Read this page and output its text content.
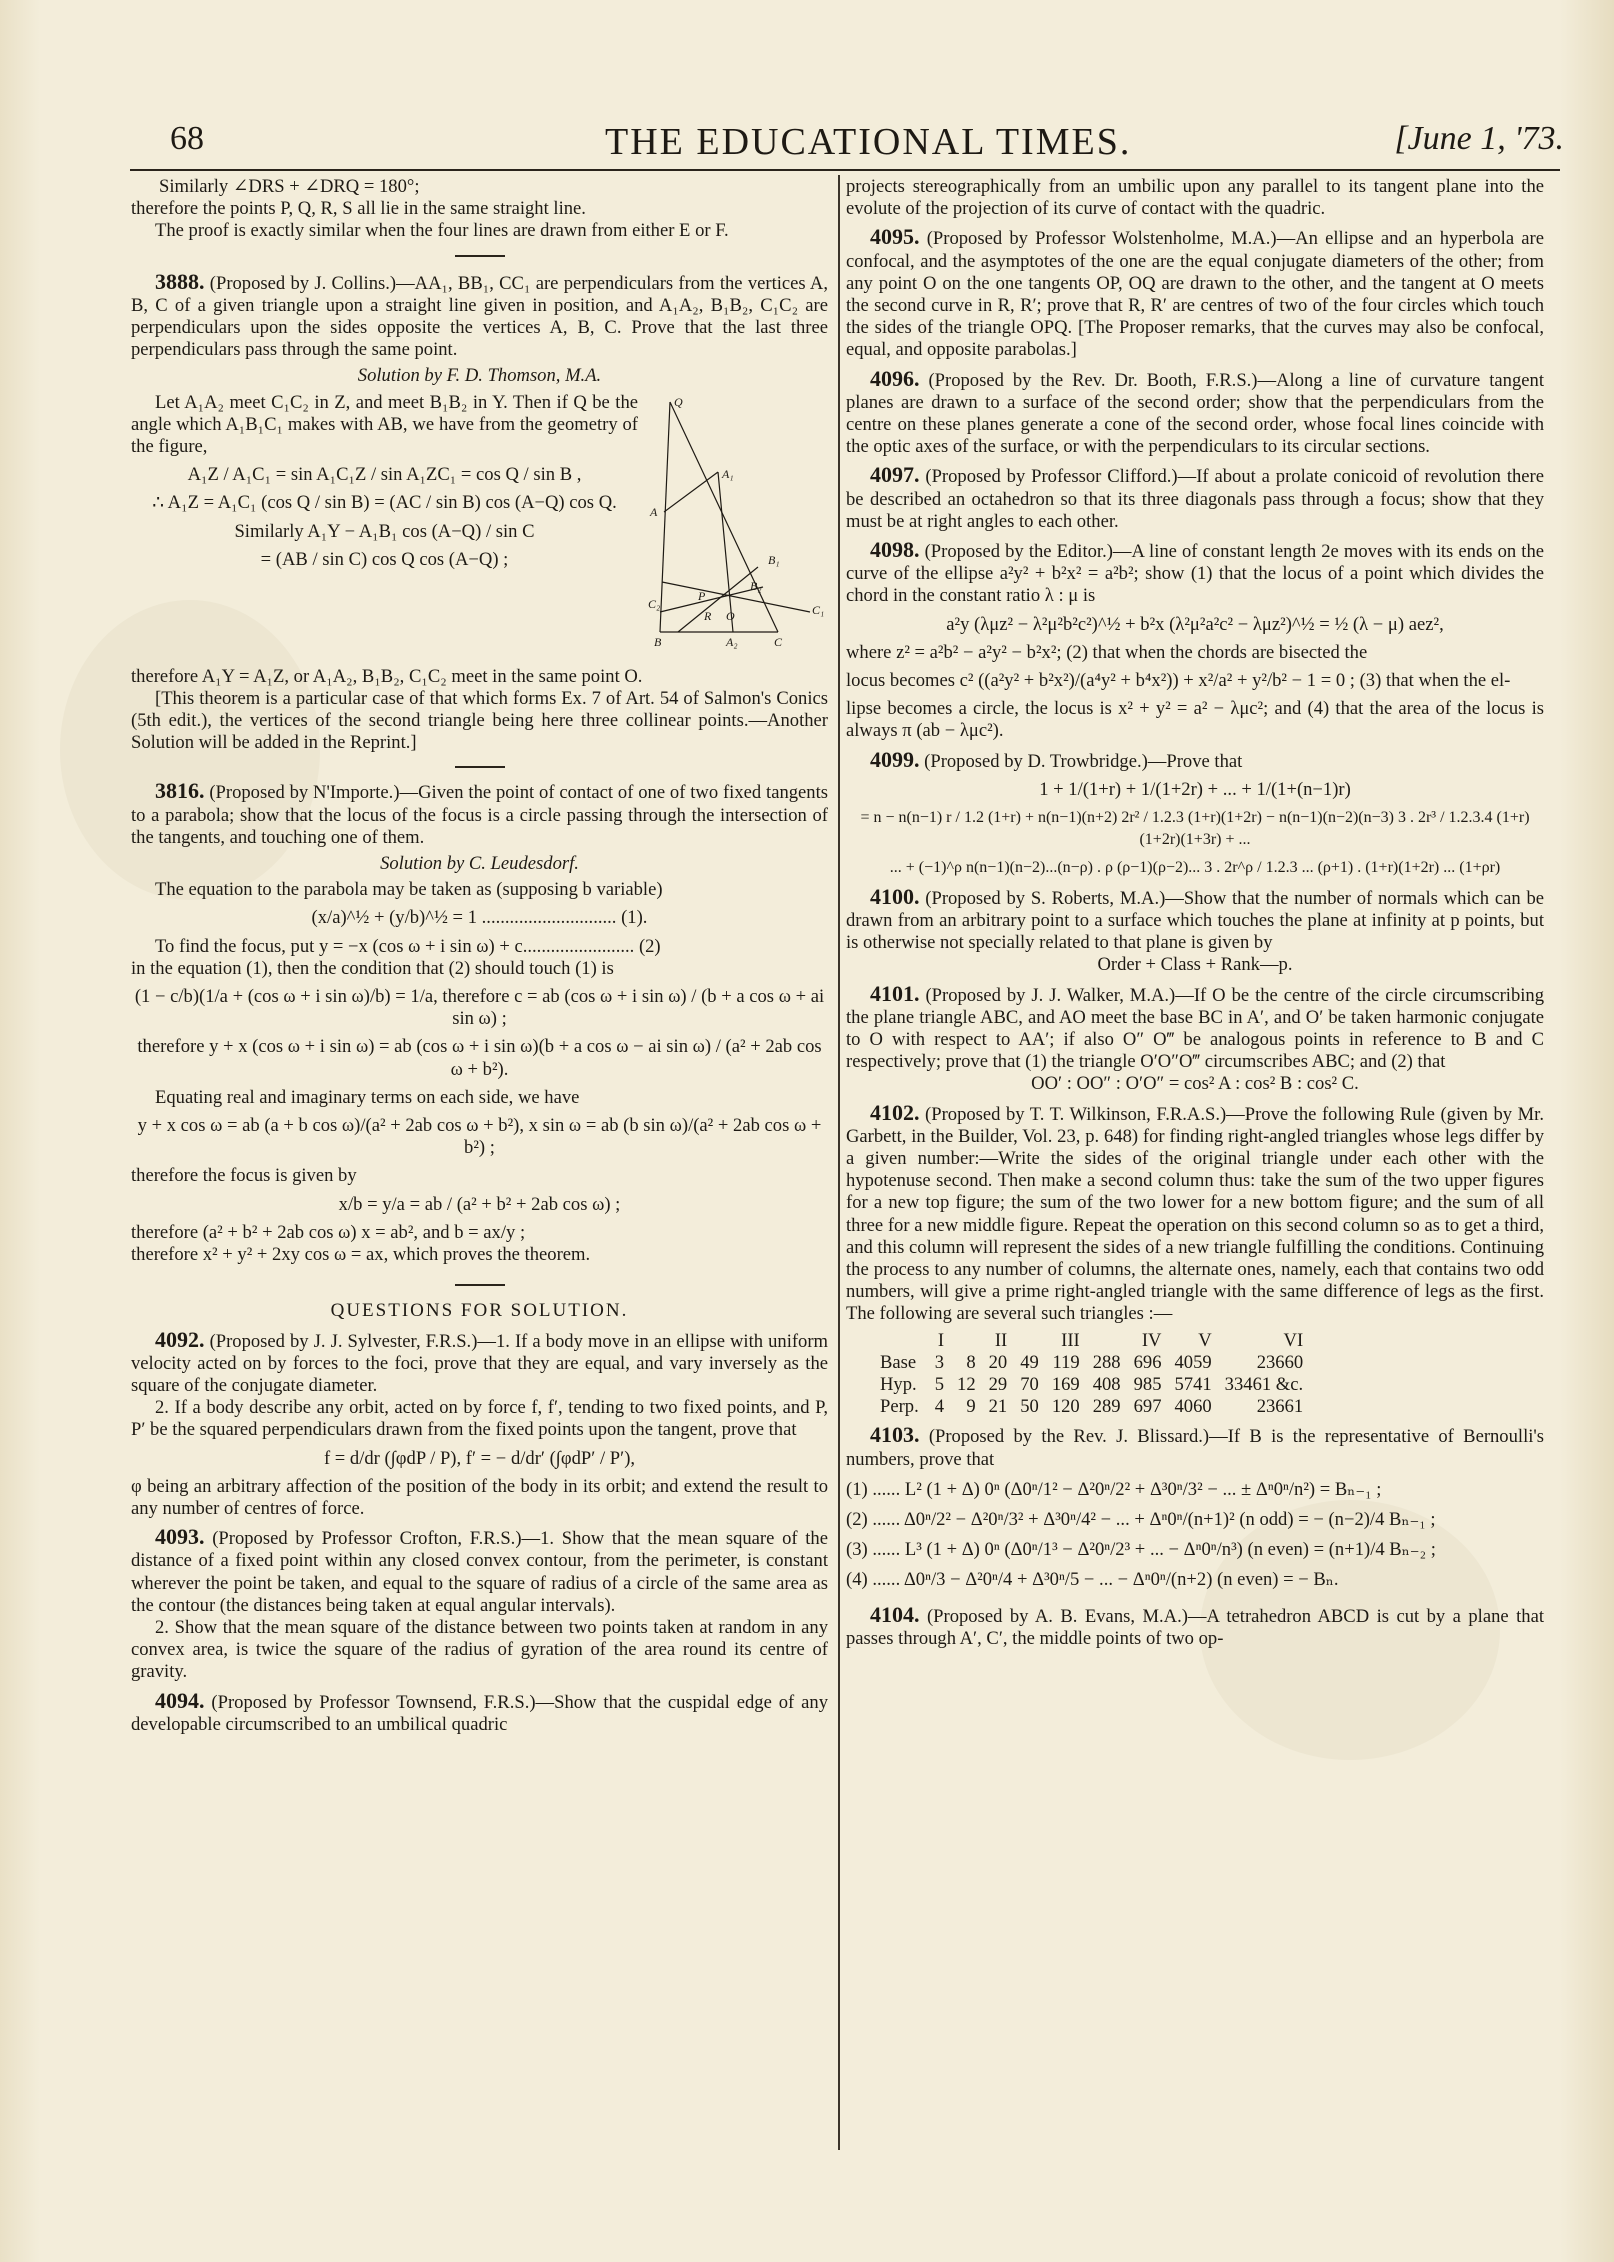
68	THE EDUCATIONAL TIMES.	[June 1, '73.

Similarly ∠DRS + ∠DRQ = 180°;

therefore the points P, Q, R, S all lie in the same straight line.

The proof is exactly similar when the four lines are drawn from either E or F.

3888. (Proposed by J. Collins.)—AA₁, BB₁, CC₁ are perpendiculars from the vertices A, B, C of a given triangle upon a straight line given in position, and A₁A₂, B₁B₂, C₁C₂ are perpendiculars upon the sides opposite the vertices A, B, C. Prove that the last three perpendiculars pass through the same point.

Solution by F. D. Thomson, M.A.

Q
A₁
A
B₁
B₂
C₂
P
R O	C₁
B	A₂	C

Let A₁A₂ meet C₁C₂ in Z, and meet B₁B₂ in Y. Then if Q be the angle which A₁B₁C₁ makes with AB, we have from the geometry of the figure,

A₁Z / A₁C₁ = sin A₁C₁Z / sin A₁ZC₁ = cos Q / sin B ,

∴ A₁Z = A₁C₁ (cos Q / sin B) = (AC / sin B) cos (A−Q) cos Q.

Similarly A₁Y − A₁B₁ cos (A−Q) / sin C

= (AB / sin C) cos Q cos (A−Q) ;

therefore A₁Y = A₁Z, or A₁A₂, B₁B₂, C₁C₂ meet in the same point O.

[This theorem is a particular case of that which forms Ex. 7 of Art. 54 of Salmon's Conics (5th edit.), the vertices of the second triangle being here three collinear points.—Another Solution will be added in the Reprint.]

3816. (Proposed by N'Importe.)—Given the point of contact of one of two fixed tangents to a parabola; show that the locus of the focus is a circle passing through the intersection of the tangents, and touching one of them.

Solution by C. Leudesdorf.

The equation to the parabola may be taken as (supposing b variable)

(x/a)^½ + (y/b)^½ = 1 ............................. (1).

To find the focus, put y = −x (cos ω + i sin ω) + c........................ (2)

in the equation (1), then the condition that (2) should touch (1) is

(1 − c/b)(1/a + (cos ω + i sin ω)/b) = 1/a, therefore c = ab (cos ω + i sin ω) / (b + a cos ω + ai sin ω) ;

therefore y + x (cos ω + i sin ω) = ab (cos ω + i sin ω)(b + a cos ω − ai sin ω) / (a² + 2ab cos ω + b²).

Equating real and imaginary terms on each side, we have

y + x cos ω = ab (a + b cos ω)/(a² + 2ab cos ω + b²), x sin ω = ab (b sin ω)/(a² + 2ab cos ω + b²) ;

therefore the focus is given by

x/b = y/a = ab / (a² + b² + 2ab cos ω) ;

therefore (a² + b² + 2ab cos ω) x = ab², and b = ax/y ;

therefore x² + y² + 2xy cos ω = ax, which proves the theorem.

QUESTIONS FOR SOLUTION.

4092. (Proposed by J. J. Sylvester, F.R.S.)—1. If a body move in an ellipse with uniform velocity acted on by forces to the foci, prove that they are equal, and vary inversely as the square of the conjugate diameter.

2. If a body describe any orbit, acted on by force f, f′, tending to two fixed points, and P, P′ be the squared perpendiculars drawn from the fixed points upon the tangent, prove that

f = d/dr (∫φdP / P), f′ = − d/dr′ (∫φdP′ / P′),

φ being an arbitrary affection of the position of the body in its orbit; and extend the result to any number of centres of force.

4093. (Proposed by Professor Crofton, F.R.S.)—1. Show that the mean square of the distance of a fixed point within any closed convex contour, from the perimeter, is constant wherever the point be taken, and equal to the square of radius of a circle of the same area as the contour (the distances being taken at equal angular intervals).

2. Show that the mean square of the distance between two points taken at random in any convex area, is twice the square of the radius of gyration of the area round its centre of gravity.

4094. (Proposed by Professor Townsend, F.R.S.)—Show that the cuspidal edge of any developable circumscribed to an umbilical quadric

projects stereographically from an umbilic upon any parallel to its tangent plane into the evolute of the projection of its curve of contact with the quadric.

4095. (Proposed by Professor Wolstenholme, M.A.)—An ellipse and an hyperbola are confocal, and the asymptotes of the one are the equal conjugate diameters of the other; from any point O on the one tangents OP, OQ are drawn to the other, and the tangent at O meets the second curve in R, R′; prove that R, R′ are centres of two of the four circles which touch the sides of the triangle OPQ. [The Proposer remarks, that the curves may also be confocal, equal, and opposite parabolas.]

4096. (Proposed by the Rev. Dr. Booth, F.R.S.)—Along a line of curvature tangent planes are drawn to a surface of the second order; show that the perpendiculars from the centre on these planes generate a cone of the second order, whose focal lines coincide with the optic axes of the surface, or with the perpendiculars to its circular sections.

4097. (Proposed by Professor Clifford.)—If about a prolate conicoid of revolution there be described an octahedron so that its three diagonals pass through a focus; show that they must be at right angles to each other.

4098. (Proposed by the Editor.)—A line of constant length 2e moves with its ends on the curve of the ellipse a²y² + b²x² = a²b²; show (1) that the locus of a point which divides the chord in the constant ratio λ : μ is

a²y (λμz² − λ²μ²b²c²)^½ + b²x (λ²μ²a²c² − λμz²)^½ = ½ (λ − μ) aez²,

where z² = a²b² − a²y² − b²x²; (2) that when the chords are bisected the

locus becomes c² ((a²y² + b²x²)/(a⁴y² + b⁴x²)) + x²/a² + y²/b² − 1 = 0 ; (3) that when the el-

lipse becomes a circle, the locus is x² + y² = a² − λμc²; and (4) that the area of the locus is always π (ab − λμc²).

4099. (Proposed by D. Trowbridge.)—Prove that

1 + 1/(1+r) + 1/(1+2r) + ... + 1/(1+(n−1)r)

= n − n(n−1) r / 1.2 (1+r) + n(n−1)(n+2) 2r² / 1.2.3 (1+r)(1+2r) − n(n−1)(n−2)(n−3) 3 . 2r³ / 1.2.3.4 (1+r)(1+2r)(1+3r) + ...

... + (−1)^ρ n(n−1)(n−2)...(n−ρ) . ρ (ρ−1)(ρ−2)... 3 . 2r^ρ / 1.2.3 ... (ρ+1) . (1+r)(1+2r) ... (1+ρr)

4100. (Proposed by S. Roberts, M.A.)—Show that the number of normals which can be drawn from an arbitrary point to a surface which touches the plane at infinity at p points, but is otherwise not specially related to that plane is given by

Order + Class + Rank—p.

4101. (Proposed by J. J. Walker, M.A.)—If O be the centre of the circle circumscribing the plane triangle ABC, and AO meet the base BC in A′, and O′ be taken harmonic conjugate to O with respect to AA′; if also O″ O‴ be analogous points in reference to B and C respectively; prove that (1) the triangle O′O″O‴ circumscribes ABC; and (2) that

OO′ : OO″ : O′O″ = cos² A : cos² B : cos² C.

4102. (Proposed by T. T. Wilkinson, F.R.A.S.)—Prove the following Rule (given by Mr. Garbett, in the Builder, Vol. 23, p. 648) for finding right-angled triangles whose legs differ by a given number:—Write the sides of the original triangle under each other with the hypotenuse second. Then make a second column thus: take the sum of the two upper figures for a new top figure; the sum of the two lower for a new bottom figure; and the sum of all three for a new middle figure. Repeat the operation on this second column so as to get a third, and this column will represent the sides of a new triangle fulfilling the conditions. Continuing the process to any number of columns, the alternate ones, namely, each that contains two odd numbers, will give a prime right-angled triangle with the same difference of legs as the first. The following are several such triangles :—

	I		II		III		IV	V	VI
Base	3	8	20	49	119	288	696	4059	23660
Hyp.	5	12	29	70	169	408	985	5741	33461 &c.
Perp.	4	9	21	50	120	289	697	4060	23661

4103. (Proposed by the Rev. J. Blissard.)—If B is the representative of Bernoulli's numbers, prove that

(1) ...... L² (1 + Δ) 0ⁿ (Δ0ⁿ/1² − Δ²0ⁿ/2² + Δ³0ⁿ/3² − ... ± Δⁿ0ⁿ/n²) = Bₙ₋₁ ;

(2) ...... Δ0ⁿ/2² − Δ²0ⁿ/3² + Δ³0ⁿ/4² − ... + Δⁿ0ⁿ/(n+1)² (n odd) = − (n−2)/4 Bₙ₋₁ ;

(3) ...... L³ (1 + Δ) 0ⁿ (Δ0ⁿ/1³ − Δ²0ⁿ/2³ + ... − Δⁿ0ⁿ/n³) (n even) = (n+1)/4 Bₙ₋₂ ;

(4) ...... Δ0ⁿ/3 − Δ²0ⁿ/4 + Δ³0ⁿ/5 − ... − Δⁿ0ⁿ/(n+2) (n even) = − Bₙ.

4104. (Proposed by A. B. Evans, M.A.)—A tetrahedron ABCD is cut by a plane that passes through A′, C′, the middle points of two op-
